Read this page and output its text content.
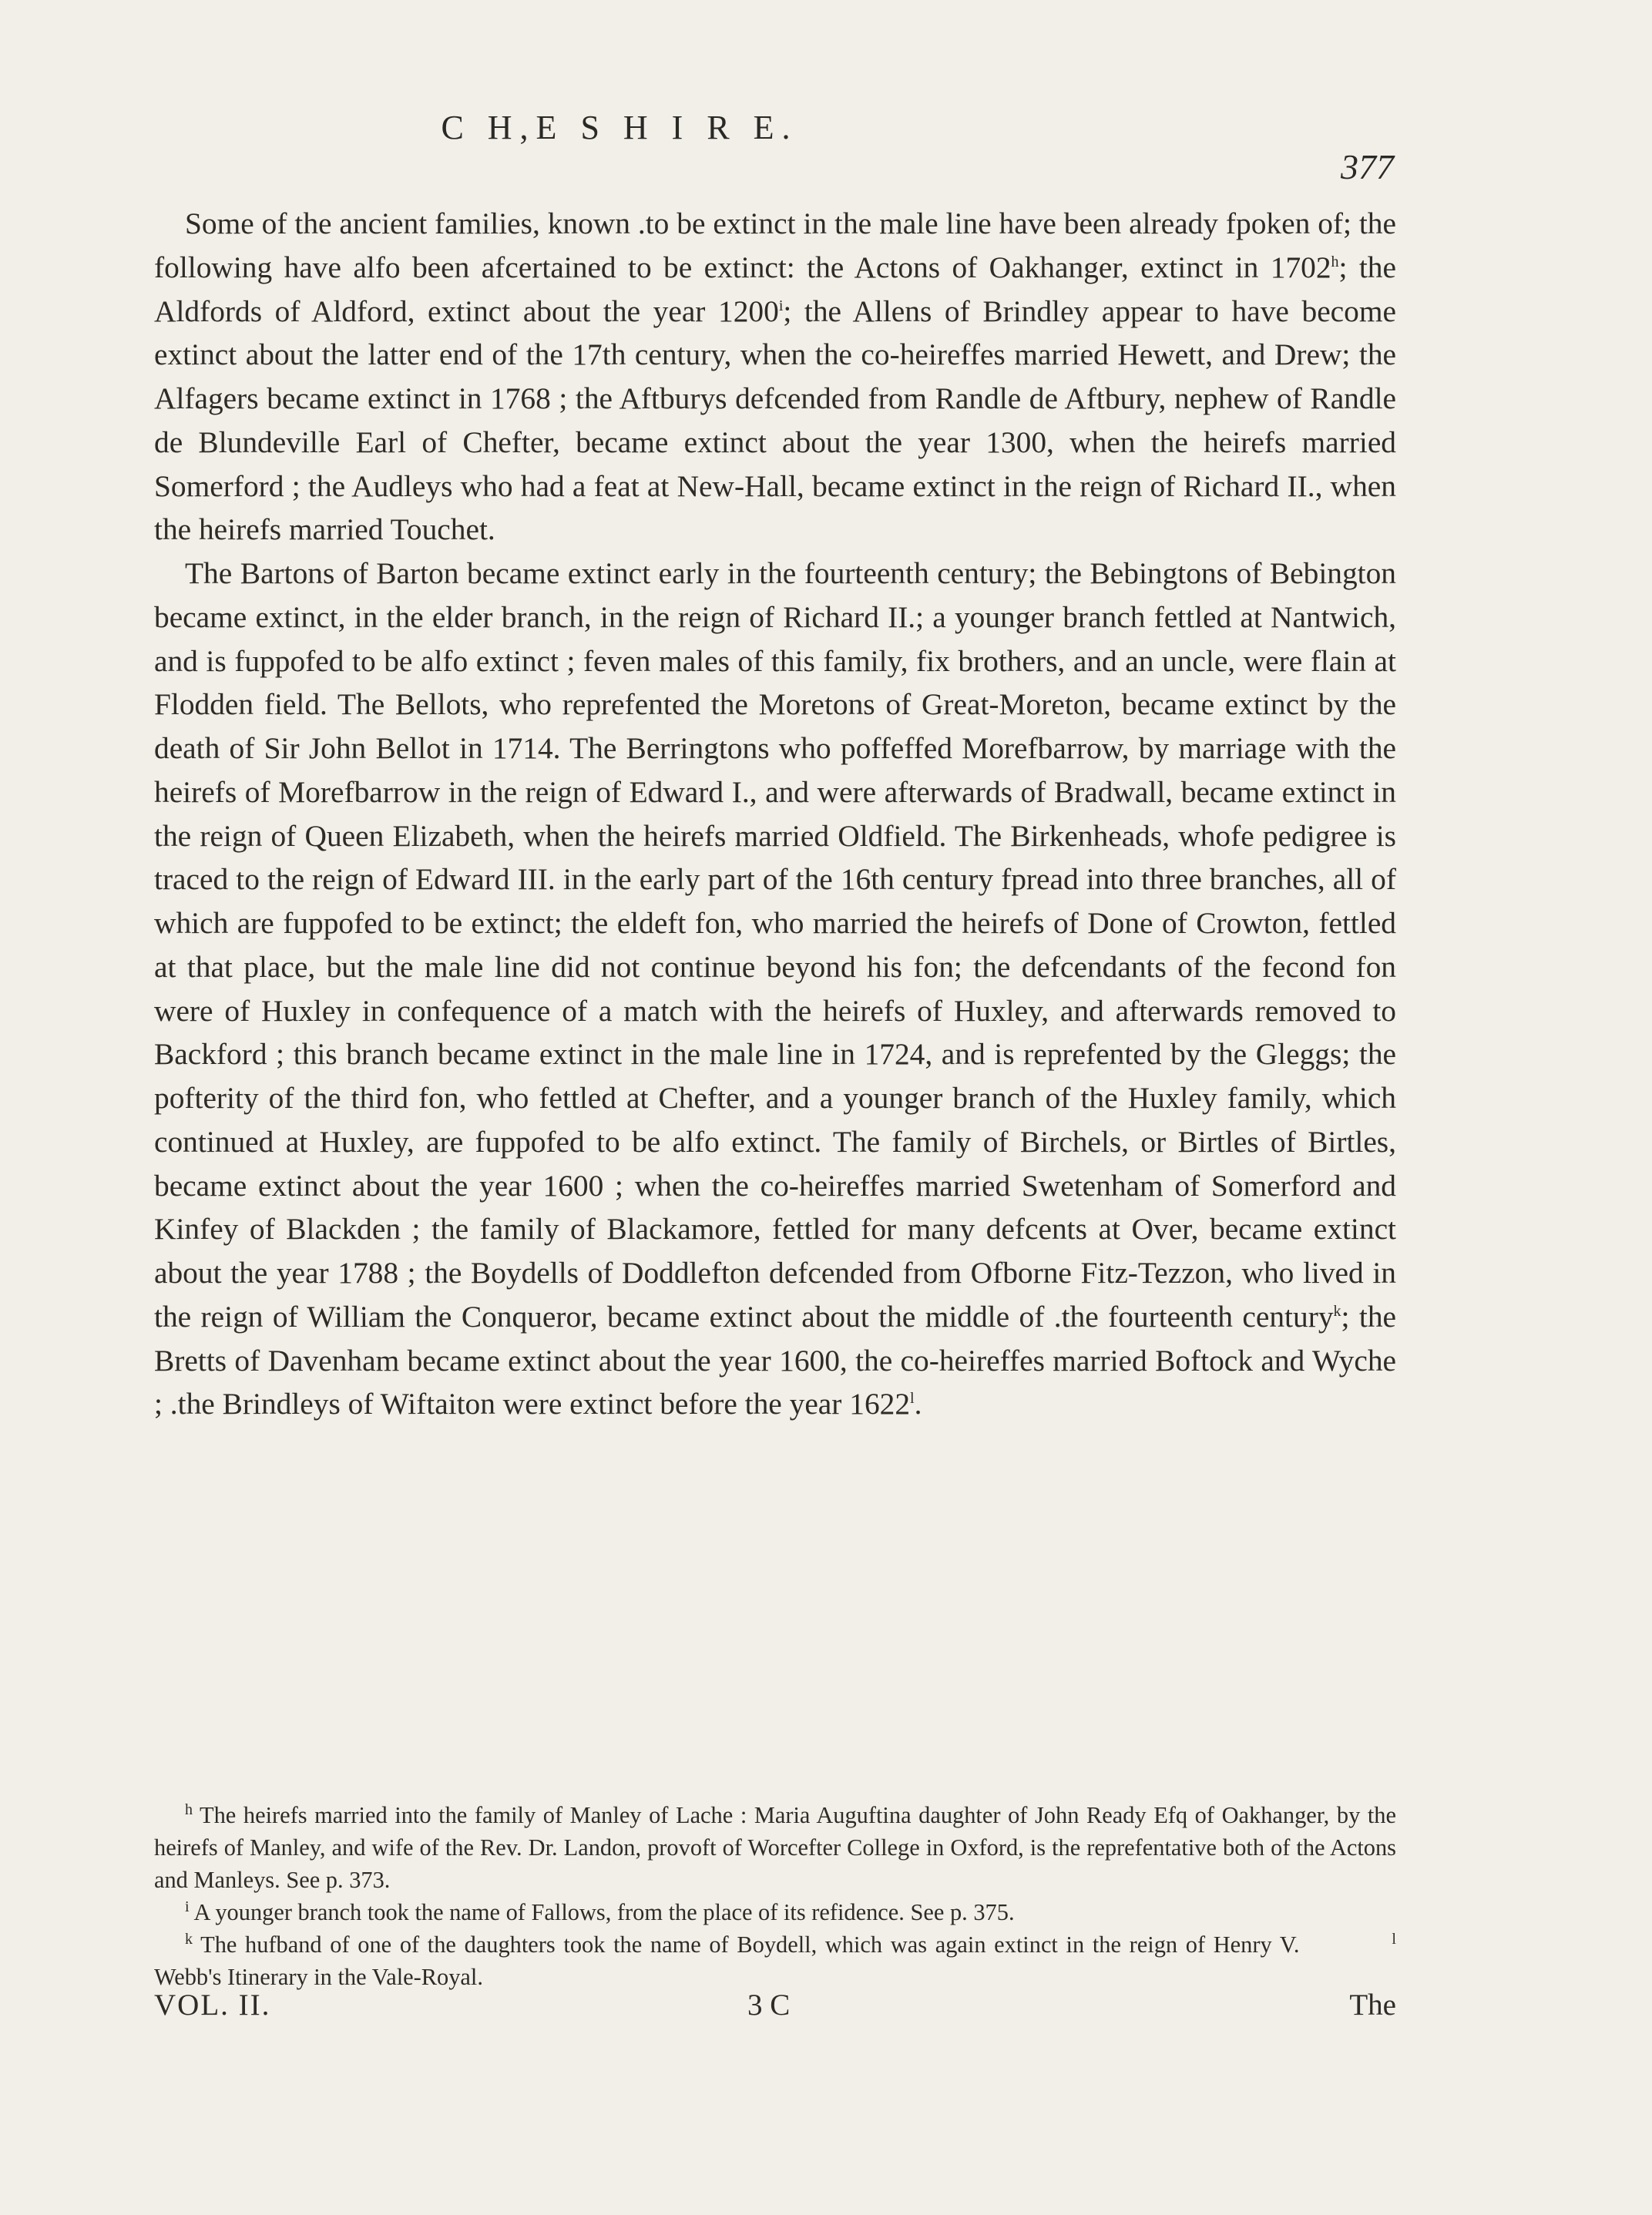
C H,E S H I R E.
377

Some of the ancient families, known .to be extinct in the male line have been already fpoken of; the following have alfo been afcertained to be extinct: the Actons of Oakhanger, extinct in 1702$^h$; the Aldfords of Aldford, extinct about the year 1200$^i$; the Allens of Brindley appear to have become extinct about the latter end of the 17th century, when the co-heireffes married Hewett, and Drew; the Alfagers became extinct in 1768 ; the Aftburys defcended from Randle de Aftbury, nephew of Randle de Blundeville Earl of Chefter, became extinct about the year 1300, when the heirefs married Somerford ; the Audleys who had a feat at New-Hall, became extinct in the reign of Richard II., when the heirefs married Touchet.

The Bartons of Barton became extinct early in the fourteenth century; the Bebingtons of Bebington became extinct, in the elder branch, in the reign of Richard II.; a younger branch fettled at Nantwich, and is fuppofed to be alfo extinct ; feven males of this family, fix brothers, and an uncle, were flain at Flodden field. The Bellots, who reprefented the Moretons of Great-Moreton, became extinct by the death of Sir John Bellot in 1714. The Berringtons who poffeffed Morefbarrow, by marriage with the heirefs of Morefbarrow in the reign of Edward I., and were afterwards of Bradwall, became extinct in the reign of Queen Elizabeth, when the heirefs married Oldfield. The Birkenheads, whofe pedigree is traced to the reign of Edward III. in the early part of the 16th century fpread into three branches, all of which are fuppofed to be extinct; the eldeft fon, who married the heirefs of Done of Crowton, fettled at that place, but the male line did not continue beyond his fon; the defcendants of the fecond fon were of Huxley in confequence of a match with the heirefs of Huxley, and afterwards removed to Backford ; this branch became extinct in the male line in 1724, and is reprefented by the Gleggs; the pofterity of the third fon, who fettled at Chefter, and a younger branch of the Huxley family, which continued at Huxley, are fuppofed to be alfo extinct. The family of Birchels, or Birtles of Birtles, became extinct about the year 1600 ; when the co-heireffes married Swetenham of Somerford and Kinfey of Blackden ; the family of Blackamore, fettled for many defcents at Over, became extinct about the year 1788 ; the Boydells of Doddlefton defcended from Ofborne Fitz-Tezzon, who lived in the reign of William the Conqueror, became extinct about the middle of .the fourteenth century$^k$; the Bretts of Davenham became extinct about the year 1600, the co-heireffes married Boftock and Wyche ; .the Brindleys of Wiftaiton were extinct before the year 1622$^l$.

$^h$ The heirefs married into the family of Manley of Lache : Maria Auguftina daughter of John Ready Efq of Oakhanger, by the heirefs of Manley, and wife of the Rev. Dr. Landon, provoft of Worcefter College in Oxford, is the reprefentative both of the Actons and Manleys. See p. 373.

$^i$ A younger branch took the name of Fallows, from the place of its refidence. See p. 375.

$^k$ The hufband of one of the daughters took the name of Boydell, which was again extinct in the reign of Henry V.	$^l$ Webb's Itinerary in the Vale-Royal.

VOL. II.	3 C	The
